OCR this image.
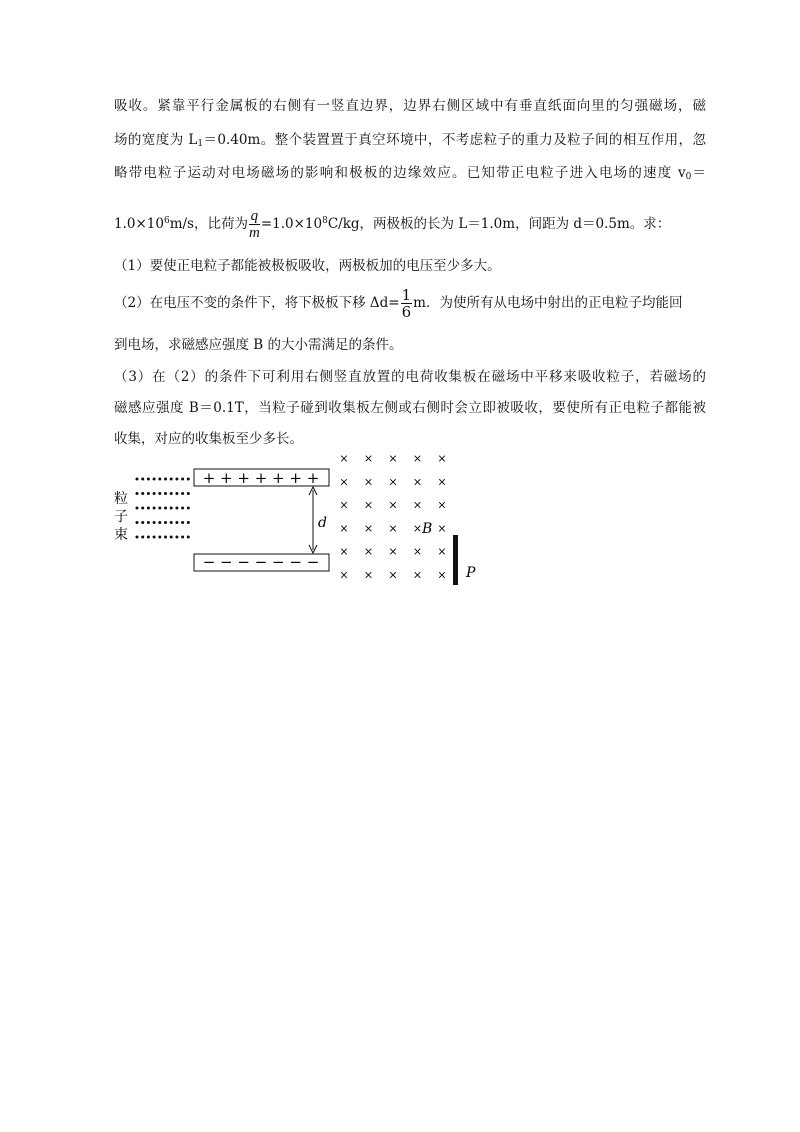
吸收。紧靠平行金属板的右侧有一竖直边界，边界右侧区域中有垂直纸面向里的匀强磁场，磁
场的宽度为 $L_1=0.40m$。整个装置置于真空环境中，不考虑粒子的重力及粒子间的相互作用，忽
略带电粒子运动对电场磁场的影响和极板的边缘效应。已知带正电粒子进入电场的速度 $v_0=$
$1.0\times 10^6m/s$，比荷为 $\frac{q}{m} =1.0\times 10^8C/kg$，两极板的长为 L＝1.0m，间距为 d＝0.5m。求：
（1）要使正电粒子都能被极板吸收，两极板加的电压至少多大。
（2）在电压不变的条件下，将下极板下移 $\Delta d= \frac{1}{6}$ m．为使所有从电场中射出的正电粒子均能回
到电场，求磁感应强度 B 的大小需满足的条件。
（3）在（2）的条件下可利用右侧竖直放置的电荷收集板在磁场中平移来吸收粒子，若磁场的
磁感应强度 B＝0.1T，当粒子碰到收集板左侧或右侧时会立即被吸收，要使所有正电粒子都能被
收集，对应的收集板至少多长。
粒
子
束
+ + + + + + +
− − − − − − −
d
× × × × ×
× × × × ×
× × × × ×
× × × × ×
× × × × ×
× × × × ×
B
P
